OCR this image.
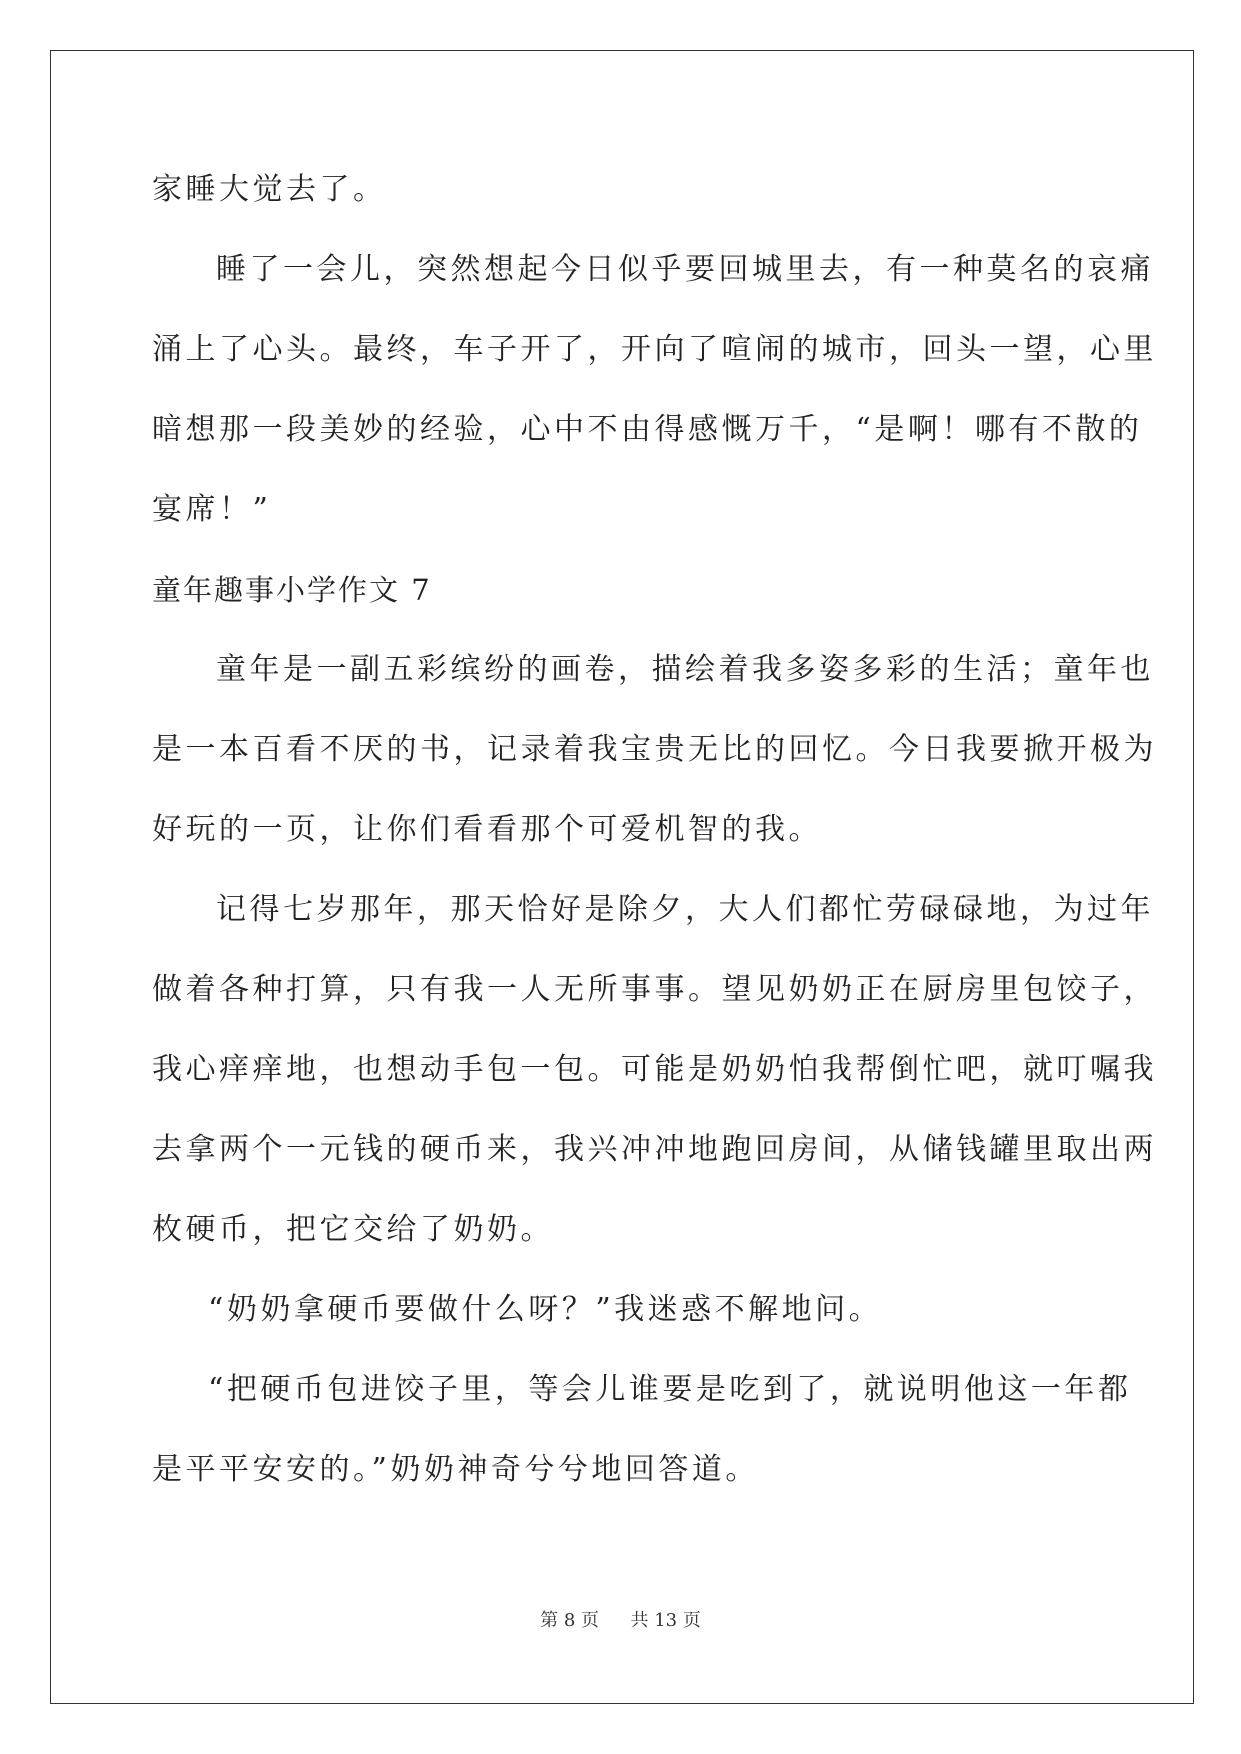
家睡大觉去了。
睡了一会儿，突然想起今日似乎要回城里去，有一种莫名的哀痛
涌上了心头。最终，车子开了，开向了喧闹的城市，回头一望，心里
暗想那一段美妙的经验，心中不由得感慨万千，“是啊！哪有不散的
宴席！”
童年趣事小学作文 7
童年是一副五彩缤纷的画卷，描绘着我多姿多彩的生活；童年也
是一本百看不厌的书，记录着我宝贵无比的回忆。今日我要掀开极为
好玩的一页，让你们看看那个可爱机智的我。
记得七岁那年，那天恰好是除夕，大人们都忙劳碌碌地，为过年
做着各种打算，只有我一人无所事事。望见奶奶正在厨房里包饺子，
我心痒痒地，也想动手包一包。可能是奶奶怕我帮倒忙吧，就叮嘱我
去拿两个一元钱的硬币来，我兴冲冲地跑回房间，从储钱罐里取出两
枚硬币，把它交给了奶奶。
“奶奶拿硬币要做什么呀？”我迷惑不解地问。
“把硬币包进饺子里，等会儿谁要是吃到了，就说明他这一年都
是平平安安的。”奶奶神奇兮兮地回答道。
第 8 页 共 13 页
